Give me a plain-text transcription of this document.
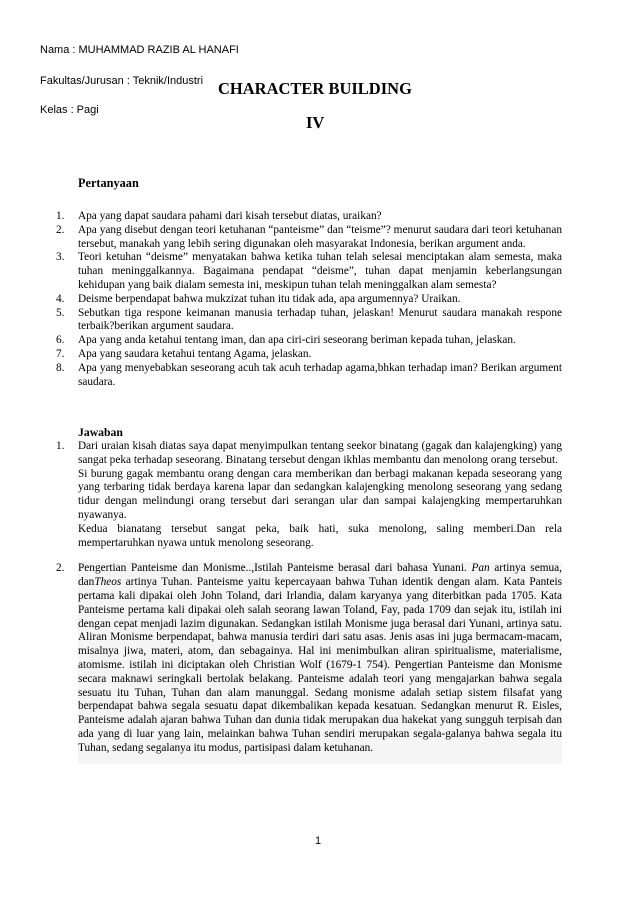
Nama : MUHAMMAD RAZIB AL HANAFI
Fakultas/Jurusan : Teknik/Industri
Kelas : Pagi
CHARACTER BUILDING
IV
Pertanyaan
1. Apa yang dapat saudara pahami dari kisah tersebut diatas, uraikan?
2. Apa yang disebut dengan teori ketuhanan “panteisme” dan “teisme”? menurut saudara dari teori ketuhanan tersebut, manakah yang lebih sering digunakan oleh masyarakat Indonesia, berikan argument anda.
3. Teori ketuhan “deisme” menyatakan bahwa ketika tuhan telah selesai menciptakan alam semesta, maka tuhan meninggalkannya. Bagaimana pendapat “deisme”, tuhan dapat menjamin keberlangsungan kehidupan yang baik dialam semesta ini, meskipun tuhan telah meninggalkan alam semesta?
4. Deisme berpendapat bahwa mukzizat tuhan itu tidak ada, apa argumennya? Uraikan.
5. Sebutkan tiga respone keimanan manusia terhadap tuhan, jelaskan! Menurut saudara manakah respone terbaik?berikan argument saudara.
6. Apa yang anda ketahui tentang iman, dan apa ciri-ciri seseorang beriman kepada tuhan, jelaskan.
7. Apa yang saudara ketahui tentang Agama, jelaskan.
8. Apa yang menyebabkan seseorang acuh tak acuh terhadap agama,bhkan terhadap iman? Berikan argument saudara.
Jawaban
1. Dari uraian kisah diatas saya dapat menyimpulkan tentang seekor binatang (gagak dan kalajengking) yang sangat peka terhadap seseorang. Binatang tersebut dengan ikhlas membantu dan menolong orang tersebut.

Si burung gagak membantu orang dengan cara memberikan dan berbagi makanan kepada seseorang yang yang terbaring tidak berdaya karena lapar dan sedangkan kalajengking menolong seseorang yang sedang tidur dengan melindungi orang tersebut dari serangan ular dan sampai kalajengking mempertaruhkan nyawanya.

Kedua bianatang tersebut sangat peka, baik hati, suka menolong, saling memberi.Dan rela mempertaruhkan nyawa untuk menolong seseorang.

2. Pengertian Panteisme dan Monisme..,Istilah Panteisme berasal dari bahasa Yunani. Pan artinya semua, danTheos artinya Tuhan. Panteisme yaitu kepercayaan bahwa Tuhan identik dengan alam. Kata Panteis pertama kali dipakai oleh John Toland, dari Irlandia, dalam karyanya yang diterbitkan pada 1705. Kata Panteisme pertama kali dipakai oleh salah seorang lawan Toland, Fay, pada 1709 dan sejak itu, istilah ini dengan cepat menjadi lazim digunakan. Sedangkan istilah Monisme juga berasal dari Yunani, artinya satu. Aliran Monisme berpendapat, bahwa manusia terdiri dari satu asas. Jenis asas ini juga bermacam-macam, misalnya jiwa, materi, atom, dan sebagainya. Hal ini menimbulkan aliran spiritualisme, materialisme, atomisme. istilah ini diciptakan oleh Christian Wolf (1679-1 754). Pengertian Panteisme dan Monisme secara maknawi seringkali bertolak belakang. Panteisme adalah teori yang mengajarkan bahwa segala sesuatu itu Tuhan, Tuhan dan alam manunggal. Sedang monisme adalah setiap sistem filsafat yang berpendapat bahwa segala sesuatu dapat dikembalikan kepada kesatuan. Sedangkan menurut R. Eisles, Panteisme adalah ajaran bahwa Tuhan dan dunia tidak merupakan dua hakekat yang sungguh terpisah dan ada yang di luar yang lain, melainkan bahwa Tuhan sendiri merupakan segala-galanya bahwa segala itu Tuhan, sedang segalanya itu modus, partisipasi dalam ketuhanan.

1
